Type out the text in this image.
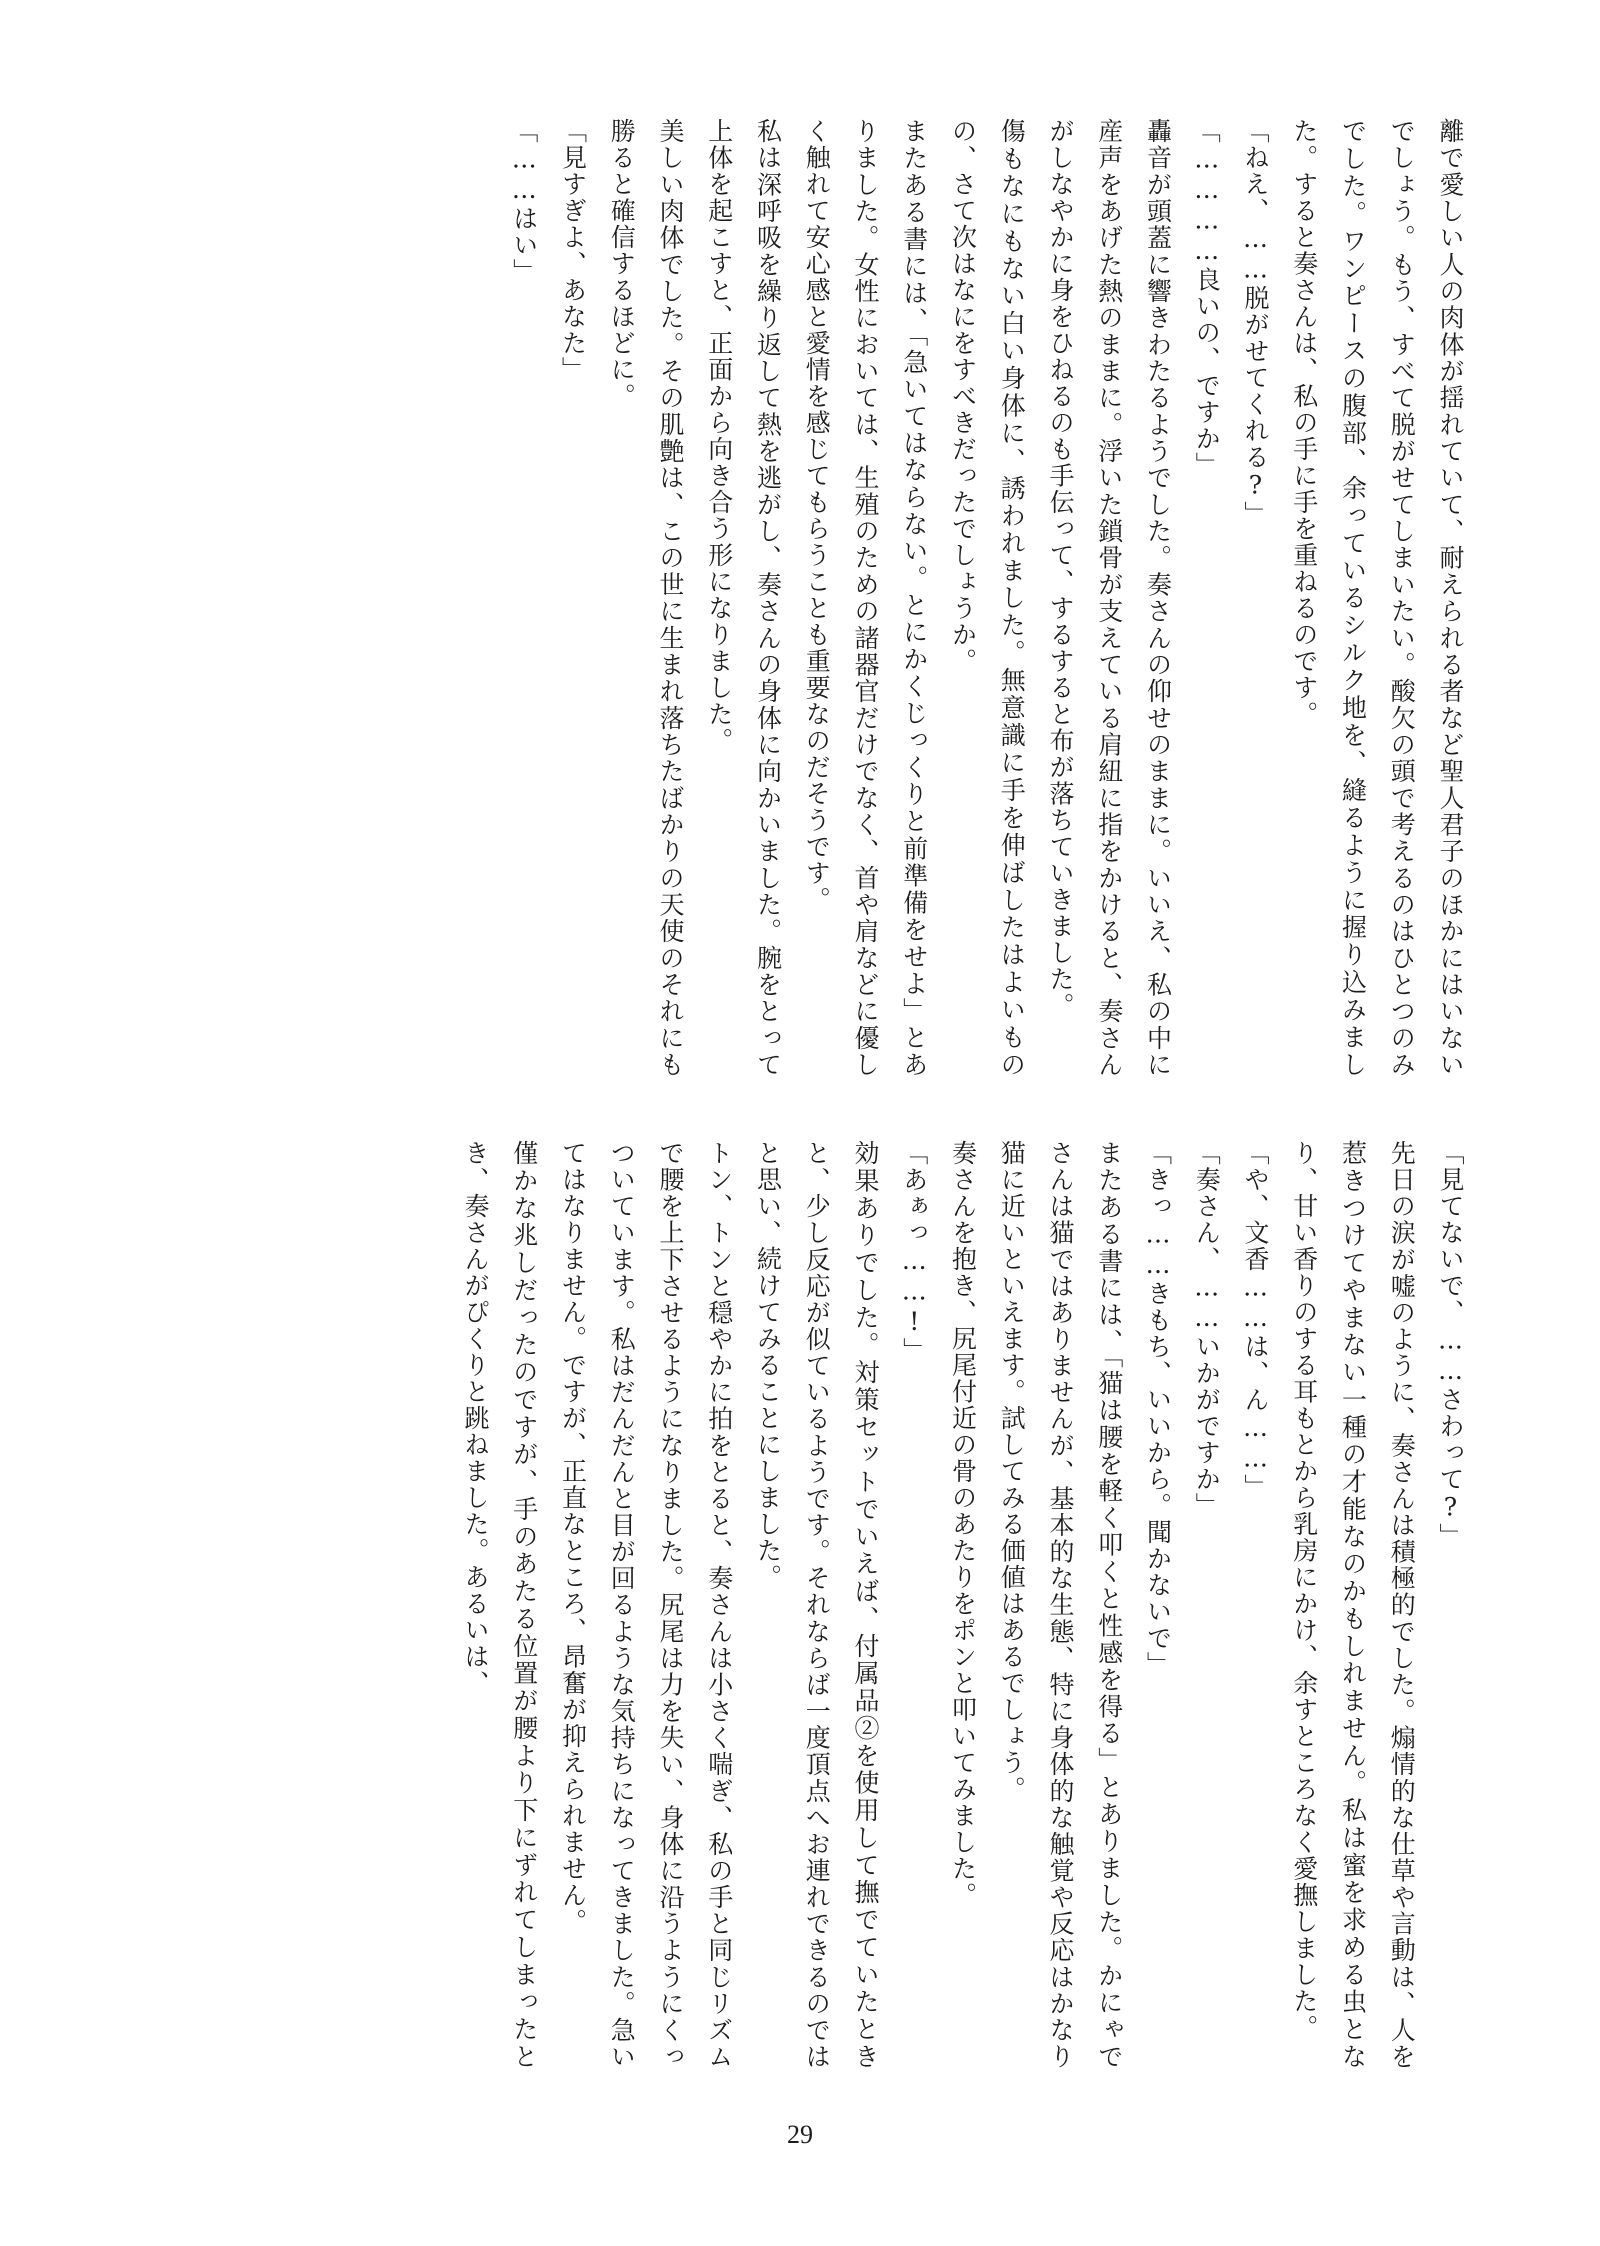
離で愛しい人の肉体が揺れていて、耐えられる者など聖人君子のほかにはいないでしょう。もう、すべて脱がせてしまいたい。酸欠の頭で考えるのはひとつのみでした。ワンピースの腹部、余っているシルク地を、縫るように握り込みました。すると奏さんは、私の手に手を重ねるのです。

「ねえ、……脱がせてくれる?」

「…………良いの、ですか」

轟音が頭蓋に響きわたるようでした。奏さんの仰せのままに。いいえ、私の中に産声をあげた熱のままに。浮いた鎖骨が支えている肩紐に指をかけると、奏さんがしなやかに身をひねるのも手伝って、するすると布が落ちていきました。

傷もなにもない白い身体に、誘われました。無意識に手を伸ばしたはよいものの、さて次はなにをすべきだったでしょうか。

またある書には、「急いてはならない。とにかくじっくりと前準備をせよ」とありました。女性においては、生殖のための諸器官だけでなく、首や肩などに優しく触れて安心感と愛情を感じてもらうことも重要なのだそうです。

私は深呼吸を繰り返して熱を逃がし、奏さんの身体に向かいました。腕をとって上体を起こすと、正面から向き合う形になりました。

美しい肉体でした。その肌艶は、この世に生まれ落ちたばかりの天使のそれにも勝ると確信するほどに。

「見すぎよ、あなた」

「……はい」

「見てないで、……さわって?」

先日の涙が嘘のように、奏さんは積極的でした。煽情的な仕草や言動は、人を惹きつけてやまない一種の才能なのかもしれません。私は蜜を求める虫となり、甘い香りのする耳もとから乳房にかけ、余すところなく愛撫しました。

「や、文香……は、ん……」

「奏さん、……いかがですか」

「きっ……きもち、いいから。聞かないで」

またある書には、「猫は腰を軽く叩くと性感を得る」とありました。かにゃでさんは猫ではありませんが、基本的な生態、特に身体的な触覚や反応はかなり猫に近いといえます。試してみる価値はあるでしょう。

奏さんを抱き、尻尾付近の骨のあたりをポンと叩いてみました。

「あぁっ……!」

効果ありでした。対策セットでいえば、付属品②を使用して撫でていたときと、少し反応が似ているようです。それならば一度頂点へお連れできるのではと思い、続けてみることにしました。

トン、トンと穏やかに拍をとると、奏さんは小さく喘ぎ、私の手と同じリズムで腰を上下させるようになりました。尻尾は力を失い、身体に沿うようにくっついています。私はだんだんと目が回るような気持ちになってきました。急いてはなりません。ですが、正直なところ、昂奮が抑えられません。

僅かな兆しだったのですが、手のあたる位置が腰より下にずれてしまったとき、奏さんがぴくりと跳ねました。あるいは、

29
